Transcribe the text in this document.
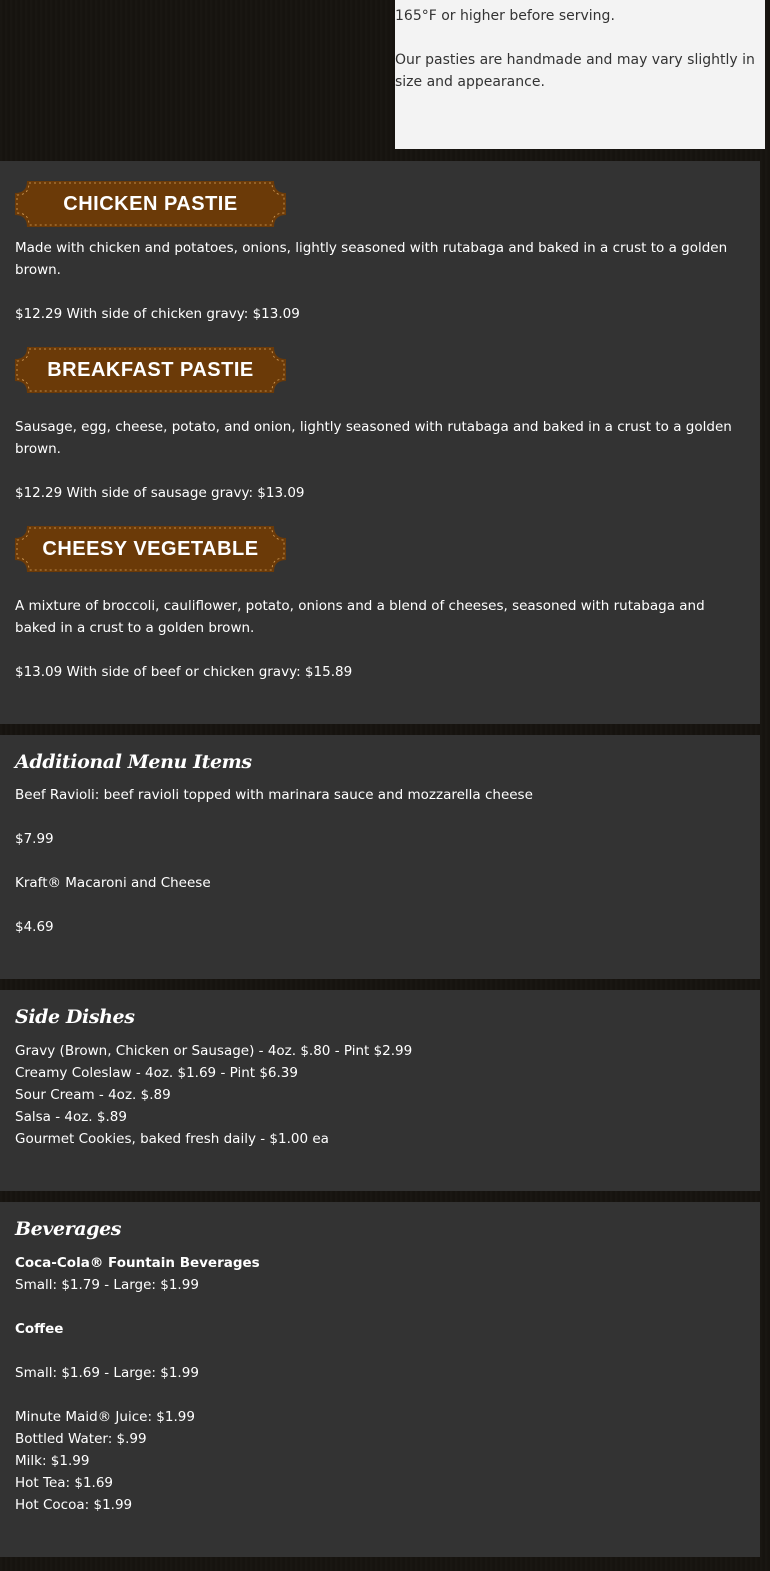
165°F or higher before serving.

Our pasties are handmade and may vary slightly in size and appearance.

CHICKEN PASTIE

Made with chicken and potatoes, onions, lightly seasoned with rutabaga and baked in a crust to a golden brown.

$12.29 With side of chicken gravy: $13.09

BREAKFAST PASTIE

Sausage, egg, cheese, potato, and onion, lightly seasoned with rutabaga and baked in a crust to a golden brown.

$12.29 With side of sausage gravy: $13.09

CHEESY VEGETABLE

A mixture of broccoli, cauliflower, potato, onions and a blend of cheeses, seasoned with rutabaga and baked in a crust to a golden brown.

$13.09 With side of beef or chicken gravy: $15.89

Additional Menu Items

Beef Ravioli: beef ravioli topped with marinara sauce and mozzarella cheese

$7.99

Kraft® Macaroni and Cheese

$4.69

Side Dishes

Gravy (Brown, Chicken or Sausage) - 4oz. $.80 - Pint $2.99

Creamy Coleslaw - 4oz. $1.69 - Pint $6.39

Sour Cream - 4oz. $.89

Salsa - 4oz. $.89

Gourmet Cookies, baked fresh daily - $1.00 ea

Beverages

Coca-Cola® Fountain Beverages

Small: $1.79 - Large: $1.99

Coffee

Small: $1.69 - Large: $1.99

Minute Maid® Juice: $1.99

Bottled Water: $.99

Milk: $1.99

Hot Tea: $1.69

Hot Cocoa: $1.99
